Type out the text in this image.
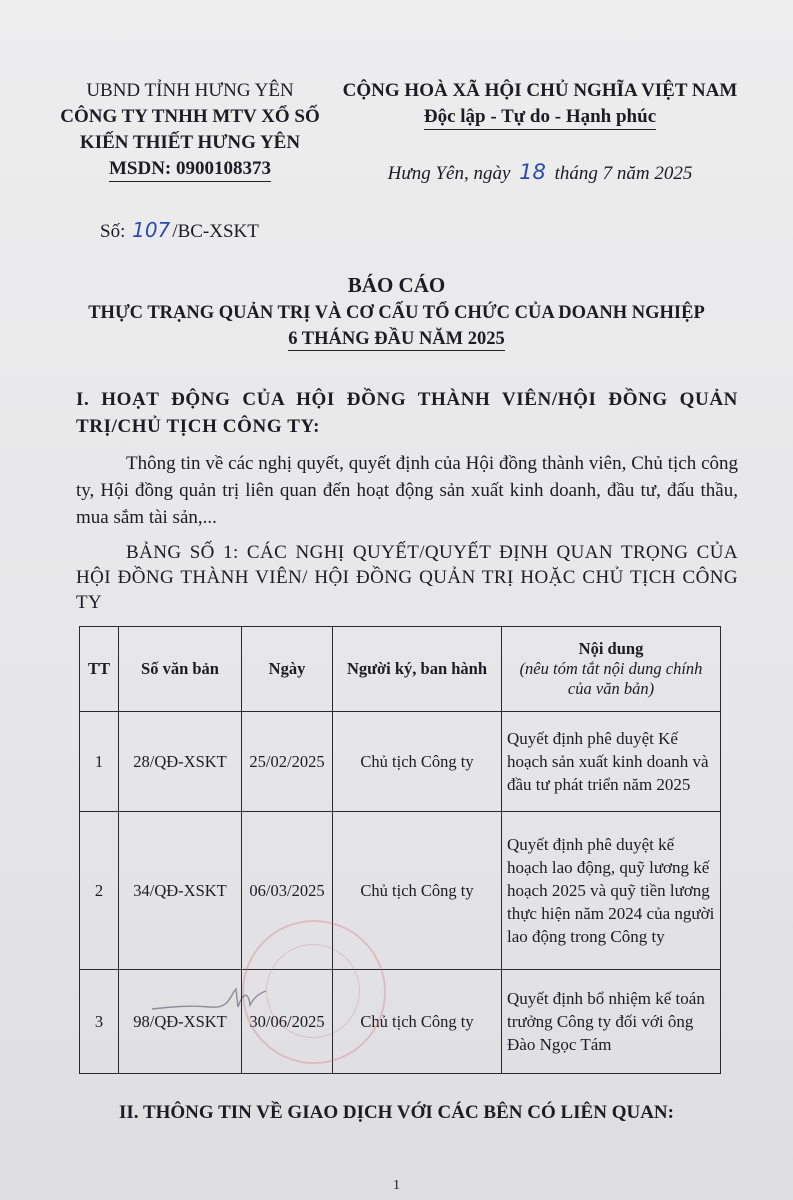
UBND TỈNH HƯNG YÊN
CÔNG TY TNHH MTV XỔ SỐ
KIẾN THIẾT HƯNG YÊN
MSDN: 0900108373
CỘNG HOÀ XÃ HỘI CHỦ NGHĨA VIỆT NAM
Độc lập - Tự do - Hạnh phúc
Hưng Yên, ngày 18 tháng 7 năm 2025
Số: 107 /BC-XSKT
BÁO CÁO
THỰC TRẠNG QUẢN TRỊ VÀ CƠ CẤU TỔ CHỨC CỦA DOANH NGHIỆP
6 THÁNG ĐẦU NĂM 2025
I. HOẠT ĐỘNG CỦA HỘI ĐỒNG THÀNH VIÊN/HỘI ĐỒNG QUẢN TRỊ/CHỦ TỊCH CÔNG TY:
Thông tin về các nghị quyết, quyết định của Hội đồng thành viên, Chủ tịch công ty, Hội đồng quản trị liên quan đến hoạt động sản xuất kinh doanh, đầu tư, đấu thầu, mua sắm tài sản,...
BẢNG SỐ 1: CÁC NGHỊ QUYẾT/QUYẾT ĐỊNH QUAN TRỌNG CỦA HỘI ĐỒNG THÀNH VIÊN/ HỘI ĐỒNG QUẢN TRỊ HOẶC CHỦ TỊCH CÔNG TY
TT	Số văn bản	Ngày	Người ký, ban hành	Nội dung
(nêu tóm tắt nội dung chính của văn bản)

1	28/QĐ-XSKT	25/02/2025	Chủ tịch Công ty	Quyết định phê duyệt Kế hoạch sản xuất kinh doanh và đầu tư phát triển năm 2025
2	34/QĐ-XSKT	06/03/2025	Chủ tịch Công ty	Quyết định phê duyệt kế hoạch lao động, quỹ lương kế hoạch 2025 và quỹ tiền lương thực hiện năm 2024 của người lao động trong Công ty
3	98/QĐ-XSKT	30/06/2025	Chủ tịch Công ty	Quyết định bổ nhiệm kế toán trưởng Công ty đối với ông Đào Ngọc Tám
II. THÔNG TIN VỀ GIAO DỊCH VỚI CÁC BÊN CÓ LIÊN QUAN:
1
